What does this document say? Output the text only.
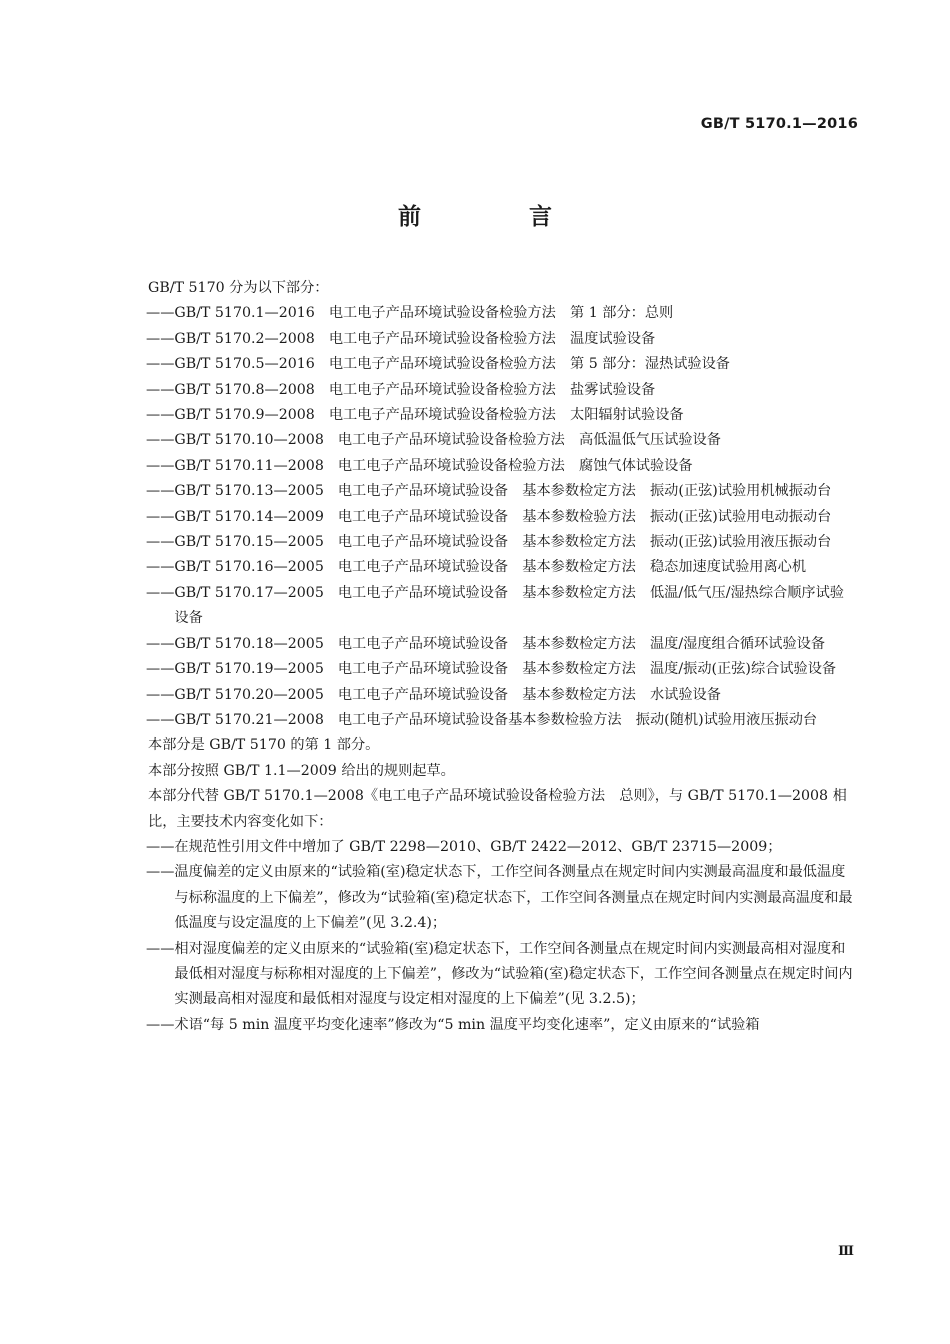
GB/T 5170.1—2016
前 言

GB/T 5170 分为以下部分：

—— GB/T 5170.1—2016 电工电子产品环境试验设备检验方法　第 1 部分：总则
—— GB/T 5170.2—2008 电工电子产品环境试验设备检验方法　温度试验设备
—— GB/T 5170.5—2016 电工电子产品环境试验设备检验方法　第 5 部分：湿热试验设备
—— GB/T 5170.8—2008 电工电子产品环境试验设备检验方法　盐雾试验设备
—— GB/T 5170.9—2008 电工电子产品环境试验设备检验方法　太阳辐射试验设备
—— GB/T 5170.10—2008 电工电子产品环境试验设备检验方法　高低温低气压试验设备
—— GB/T 5170.11—2008 电工电子产品环境试验设备检验方法　腐蚀气体试验设备
—— GB/T 5170.13—2005 电工电子产品环境试验设备　基本参数检定方法　振动(正弦)试验用机械振动台
—— GB/T 5170.14—2009 电工电子产品环境试验设备　基本参数检验方法　振动(正弦)试验用电动振动台
—— GB/T 5170.15—2005 电工电子产品环境试验设备　基本参数检定方法　振动(正弦)试验用液压振动台
—— GB/T 5170.16—2005 电工电子产品环境试验设备　基本参数检定方法　稳态加速度试验用离心机
—— GB/T 5170.17—2005 电工电子产品环境试验设备　基本参数检定方法　低温/低气压/湿热综合顺序试验设备
—— GB/T 5170.18—2005 电工电子产品环境试验设备　基本参数检定方法　温度/湿度组合循环试验设备
—— GB/T 5170.19—2005 电工电子产品环境试验设备　基本参数检定方法　温度/振动(正弦)综合试验设备
—— GB/T 5170.20—2005 电工电子产品环境试验设备　基本参数检定方法　水试验设备
—— GB/T 5170.21—2008 电工电子产品环境试验设备基本参数检验方法　振动(随机)试验用液压振动台

本部分是 GB/T 5170 的第 1 部分。

本部分按照 GB/T 1.1—2009 给出的规则起草。

本部分代替 GB/T 5170.1—2008《电工电子产品环境试验设备检验方法　总则》，与 GB/T 5170.1—2008 相比，主要技术内容变化如下：

—— 在规范性引用文件中增加了 GB/T 2298—2010、GB/T 2422—2012、GB/T 23715—2009；
—— 温度偏差的定义由原来的“试验箱(室)稳定状态下，工作空间各测量点在规定时间内实测最高温度和最低温度与标称温度的上下偏差”，修改为“试验箱(室)稳定状态下，工作空间各测量点在规定时间内实测最高温度和最低温度与设定温度的上下偏差”(见 3.2.4)；
—— 相对湿度偏差的定义由原来的“试验箱(室)稳定状态下，工作空间各测量点在规定时间内实测最高相对湿度和最低相对湿度与标称相对湿度的上下偏差”，修改为“试验箱(室)稳定状态下，工作空间各测量点在规定时间内实测最高相对湿度和最低相对湿度与设定相对湿度的上下偏差”(见 3.2.5)；
—— 术语“每 5 min 温度平均变化速率”修改为“5 min 温度平均变化速率”，定义由原来的“试验箱
Ⅲ
